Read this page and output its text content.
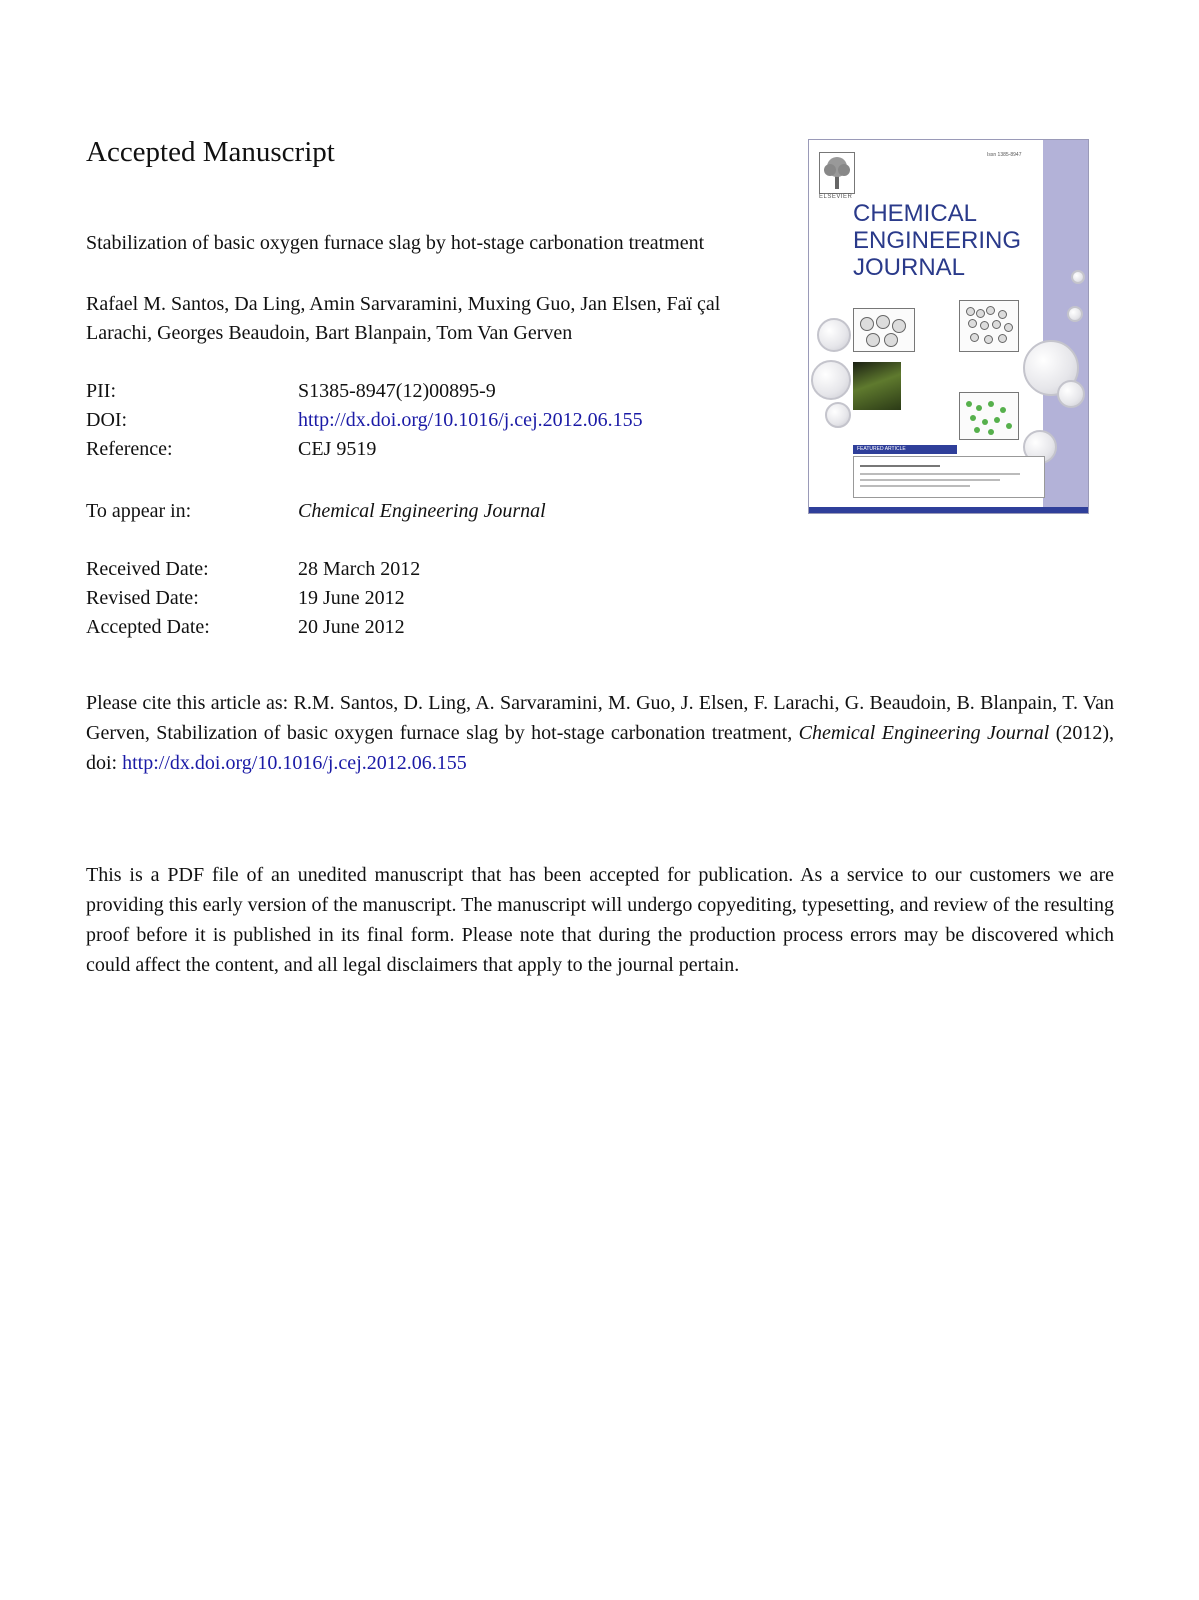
Accepted Manuscript
Stabilization of basic oxygen furnace slag by hot-stage carbonation treatment
Rafael M. Santos, Da Ling, Amin Sarvaramini, Muxing Guo, Jan Elsen, Faï çal
Larachi, Georges Beaudoin, Bart Blanpain, Tom Van Gerven
PII:	S1385-8947(12)00895-9
DOI:	http://dx.doi.org/10.1016/j.cej.2012.06.155
Reference:	CEJ 9519
To appear in:	Chemical Engineering Journal
Received Date:	28 March 2012
Revised Date:	19 June 2012
Accepted Date:	20 June 2012
Please cite this article as: R.M. Santos, D. Ling, A. Sarvaramini, M. Guo, J. Elsen, F. Larachi, G. Beaudoin, B. Blanpain, T. Van Gerven, Stabilization of basic oxygen furnace slag by hot-stage carbonation treatment, Chemical Engineering Journal (2012), doi: http://dx.doi.org/10.1016/j.cej.2012.06.155
This is a PDF file of an unedited manuscript that has been accepted for publication. As a service to our customers we are providing this early version of the manuscript. The manuscript will undergo copyediting, typesetting, and review of the resulting proof before it is published in its final form. Please note that during the production process errors may be discovered which could affect the content, and all legal disclaimers that apply to the journal pertain.
ELSEVIER
Issn 1385-8947
CHEMICAL
ENGINEERING
JOURNAL
FEATURED ARTICLE
